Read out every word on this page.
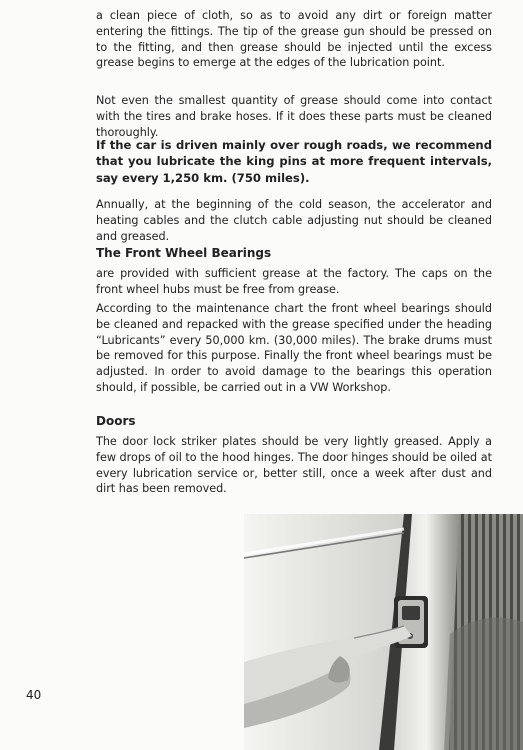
a clean piece of cloth, so as to avoid any dirt or foreign matter entering the fittings. The tip of the grease gun should be pressed on to the fitting, and then grease should be injected until the excess grease begins to emerge at the edges of the lubrication point.

Not even the smallest quantity of grease should come into contact with the tires and brake hoses. If it does these parts must be cleaned thoroughly.

If the car is driven mainly over rough roads, we recommend that you lubricate the king pins at more frequent intervals, say every 1,250 km. (750 miles).

Annually, at the beginning of the cold season, the accelerator and heating cables and the clutch cable adjusting nut should be cleaned and greased.

The Front Wheel Bearings

are provided with sufficient grease at the factory. The caps on the front wheel hubs must be free from grease.

According to the maintenance chart the front wheel bearings should be cleaned and repacked with the grease specified under the heading “Lubricants” every 50,000 km. (30,000 miles). The brake drums must be removed for this purpose. Finally the front wheel bearings must be adjusted. In order to avoid damage to the bearings this operation should, if possible, be carried out in a VW Workshop.

Doors

The door lock striker plates should be very lightly greased. Apply a few drops of oil to the hood hinges. The door hinges should be oiled at every lubrication service or, better still, once a week after dust and dirt has been removed.

40
